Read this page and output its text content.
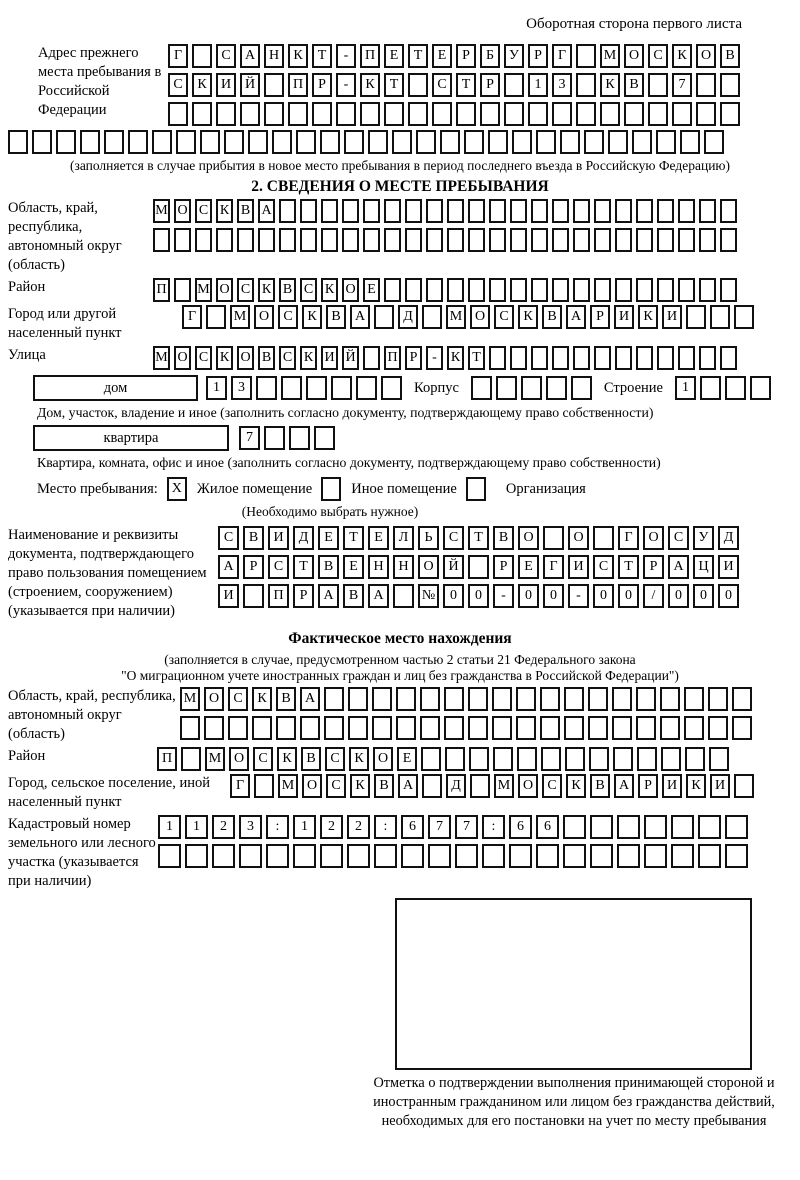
Оборотная сторона первого листа
Адрес прежнего места пребывания в Российской Федерации
Г	С	А Н	К	Т	-	П	Е	Т	Е	Р	Б	У	Р	Г	М О	С	К	О	В
С	К	И Й	П	Р	-	К	Т	С	Т	Р	1	3	К	В	7
(заполняется в случае прибытия в новое место пребывания в период последнего въезда в Российскую Федерацию)
2. СВЕДЕНИЯ О МЕСТЕ ПРЕБЫВАНИЯ
Область, край, республика, автономный округ (область)
М О С К В А
Район	П М О С К В С К О Е
Город или другой населенный пункт
Г	М О	С	К	В	А	Д	М О	С	К	В	А	Р	И	К	И
Улица	М О С К О В С К И Й П Р	-	К Т
дом	1	3	Корпус	Строение	1
Дом, участок, владение и иное (заполнить согласно документу, подтверждающему право собственности)
квартира	7
Квартира, комната, офис и иное (заполнить согласно документу, подтверждающему право собственности)
Место пребывания: X	Жилое помещение	Иное помещение	Организация
(Необходимо выбрать нужное)
Наименование и реквизиты документа, подтверждающего право пользования помещением (строением, сооружением) (указывается при наличии)
С	В	И	Д	Е	Т	Е	Л	Ь	С	Т	В	О	О	Г	О	С	У	Д
А	Р	С	Т	В	Е	Н	Н	О	Й	Р	Е	Г	И	С	Т	Р	А	Ц	И
И	П	Р	А	В	А	№	0	0	-	0	0	-	0	0	/	0	0	0
Фактическое место нахождения
(заполняется в случае, предусмотренном частью 2 статьи 21 Федерального закона
"О миграционном учете иностранных граждан и лиц без гражданства в Российской Федерации")
Область, край, республика, автономный округ (область)
М О	С	К	В	А
Район	П	М О	С	К	В	С	К	О	Е
Город, сельское поселение, иной населенный пункт
Г	М О	С	К	В	А	Д	М О	С	К	В	А	Р	И	К	И
Кадастровый номер земельного или лесного участка (указывается при наличии)
1	1	2	3	:	1	2	2	:	6	7	7	:	6	6
Отметка о подтверждении выполнения принимающей стороной и иностранным гражданином или лицом без гражданства действий, необходимых для его постановки на учет по месту пребывания
